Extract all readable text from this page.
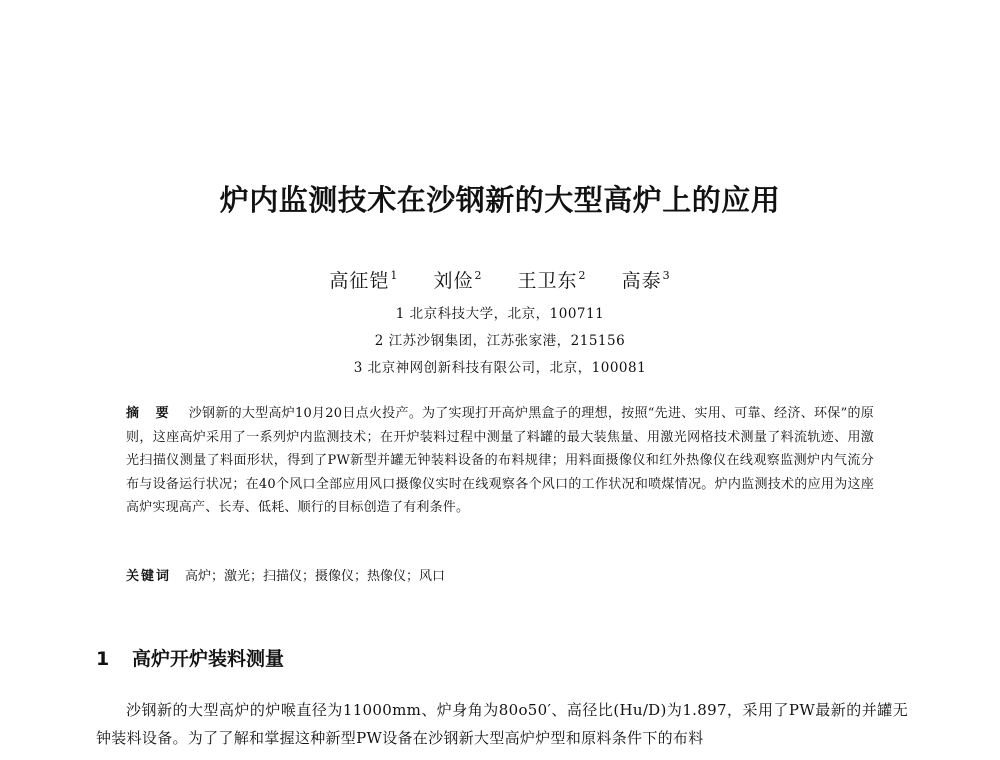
炉内监测技术在沙钢新的大型高炉上的应用
高征铠$^1$ 刘俭$^2$ 王卫东$^2$ 高泰$^3$
1 北京科技大学，北京，100711
2 江苏沙钢集团，江苏张家港，215156
3 北京神网创新科技有限公司，北京，100081
摘 要 沙钢新的大型高炉10月20日点火投产。为了实现打开高炉黑盒子的理想，按照“先进、实用、可靠、经济、环保”的原则，这座高炉采用了一系列炉内监测技术；在开炉装料过程中测量了料罐的最大装焦量、用激光网格技术测量了料流轨迹、用激光扫描仪测量了料面形状，得到了PW新型并罐无钟装料设备的布料规律；用料面摄像仪和红外热像仪在线观察监测炉内气流分布与设备运行状况；在40个风口全部应用风口摄像仪实时在线观察各个风口的工作状况和喷煤情况。炉内监测技术的应用为这座高炉实现高产、长寿、低耗、顺行的目标创造了有利条件。
关键词 高炉；激光；扫描仪；摄像仪；热像仪；风口
1 高炉开炉装料测量
沙钢新的大型高炉的炉喉直径为11000mm、炉身角为80o50′、高径比(Hu/D)为1.897，采用了PW最新的并罐无钟装料设备。为了了解和掌握这种新型PW设备在沙钢新大型高炉炉型和原料条件下的布料
